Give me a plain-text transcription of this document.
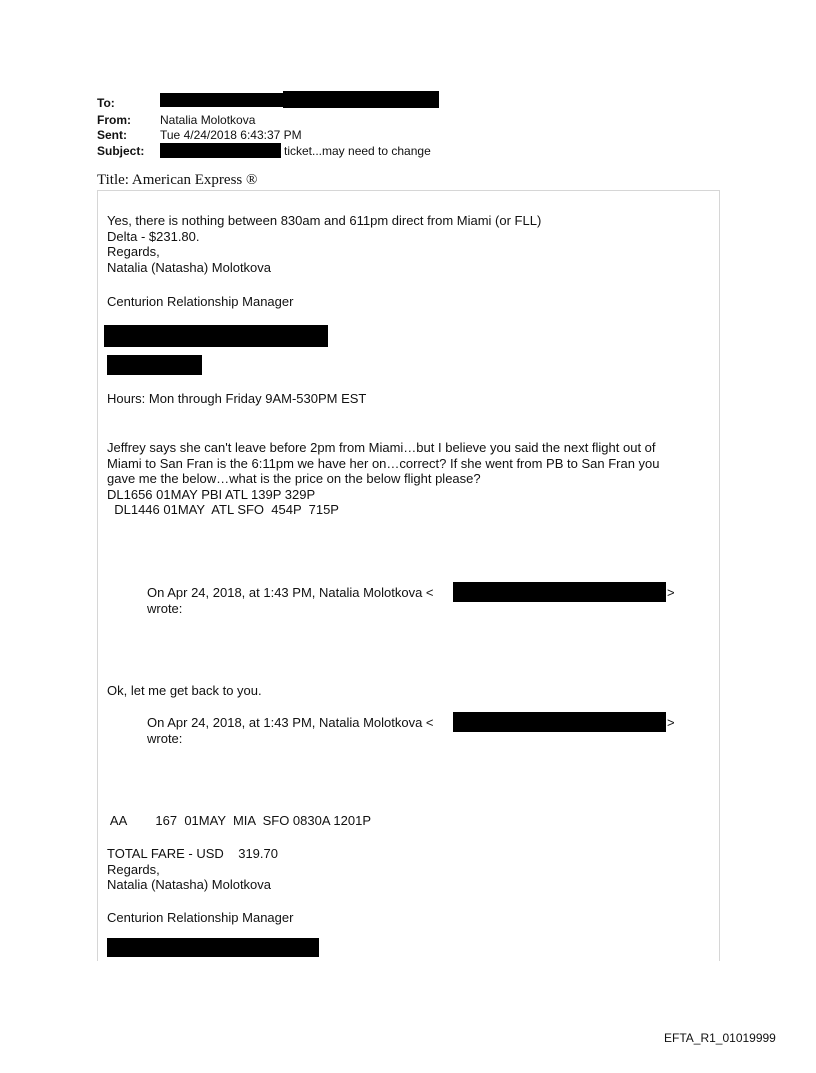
To:
From: Natalia Molotkova
Sent:	Tue 4/24/2018 6:43:37 PM
Subject:	ticket...may need to change
Title: American Express ®
Yes, there is nothing between 830am and 611pm direct from Miami (or FLL)
Delta - $231.80.
Regards,
Natalia (Natasha) Molotkova
Centurion Relationship Manager
Hours: Mon through Friday 9AM-530PM EST
Jeffrey says she can't leave before 2pm from Miami…but I believe you said the next flight out of
Miami to San Fran is the 6:11pm we have her on…correct? If she went from PB to San Fran you
gave me the below…what is the price on the below flight please?
DL1656 01MAY PBI ATL 139P 329P
DL1446 01MAY  ATL SFO  454P  715P
On Apr 24, 2018, at 1:43 PM, Natalia Molotkova <	>
wrote:
Ok, let me get back to you.
On Apr 24, 2018, at 1:43 PM, Natalia Molotkova <	>
wrote:
AA        167  01MAY  MIA  SFO 0830A 1201P
TOTAL FARE - USD    319.70
Regards,
Natalia (Natasha) Molotkova
Centurion Relationship Manager
EFTA_R1_01019999
